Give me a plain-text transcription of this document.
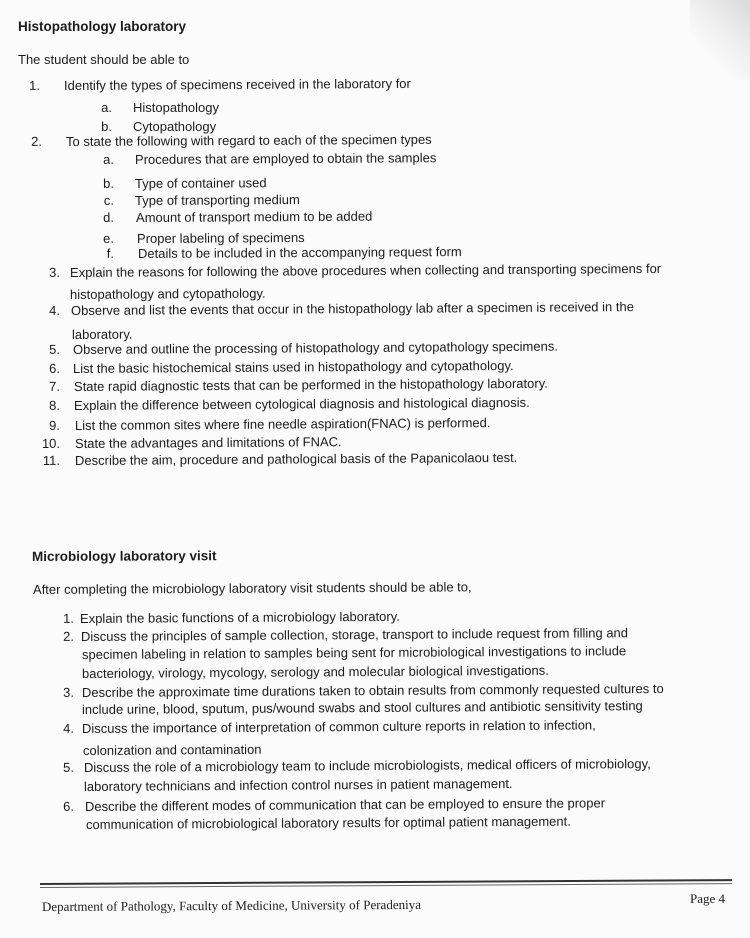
Histopathology laboratory
The student should be able to
1. Identify the types of specimens received in the laboratory for
a. Histopathology
b. Cytopathology
2. To state the following with regard to each of the specimen types
a. Procedures that are employed to obtain the samples
b. Type of container used
c. Type of transporting medium
d. Amount of transport medium to be added
e. Proper labeling of specimens
f. Details to be included in the accompanying request form
3. Explain the reasons for following the above procedures when collecting and transporting specimens for
histopathology and cytopathology.
4. Observe and list the events that occur in the histopathology lab after a specimen is received in the
laboratory.
5. Observe and outline the processing of histopathology and cytopathology specimens.
6. List the basic histochemical stains used in histopathology and cytopathology.
7. State rapid diagnostic tests that can be performed in the histopathology laboratory.
8. Explain the difference between cytological diagnosis and histological diagnosis.
9. List the common sites where fine needle aspiration(FNAC) is performed.
10. State the advantages and limitations of FNAC.
11. Describe the aim, procedure and pathological basis of the Papanicolaou test.
Microbiology laboratory visit
After completing the microbiology laboratory visit students should be able to,
1. Explain the basic functions of a microbiology laboratory.
2. Discuss the principles of sample collection, storage, transport to include request from filling and
specimen labeling in relation to samples being sent for microbiological investigations to include
bacteriology, virology, mycology, serology and molecular biological investigations.
3. Describe the approximate time durations taken to obtain results from commonly requested cultures to
include urine, blood, sputum, pus/wound swabs and stool cultures and antibiotic sensitivity testing
4. Discuss the importance of interpretation of common culture reports in relation to infection,
colonization and contamination
5. Discuss the role of a microbiology team to include microbiologists, medical officers of microbiology,
laboratory technicians and infection control nurses in patient management.
6. Describe the different modes of communication that can be employed to ensure the proper
communication of microbiological laboratory results for optimal patient management.
Department of Pathology, Faculty of Medicine, University of Peradeniya	Page 4
